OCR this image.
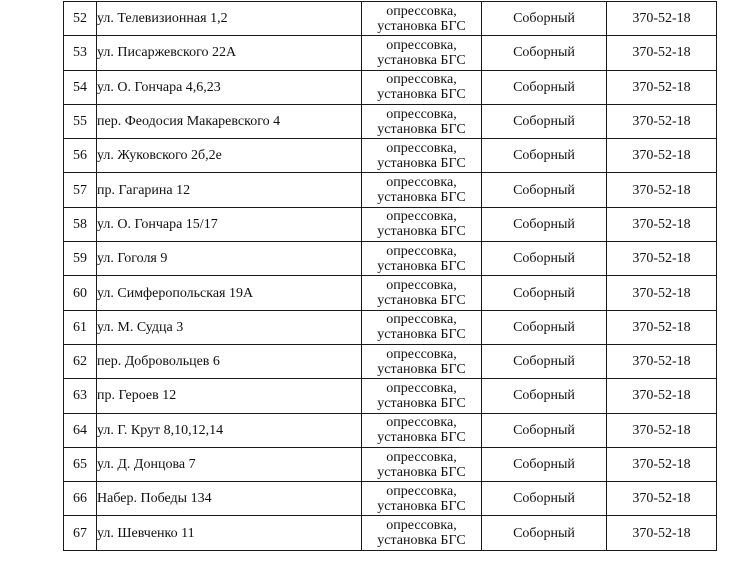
52	ул. Телевизионная 1,2	опрессовка,
установка БГС	Соборный	370-52-18
53	ул. Писаржевского 22А	опрессовка,
установка БГС	Соборный	370-52-18
54	ул. О. Гончара 4,6,23	опрессовка,
установка БГС	Соборный	370-52-18
55	пер. Феодосия Макаревского 4	опрессовка,
установка БГС	Соборный	370-52-18
56	ул. Жуковского 2б,2е	опрессовка,
установка БГС	Соборный	370-52-18
57	пр. Гагарина 12	опрессовка,
установка БГС	Соборный	370-52-18
58	ул. О. Гончара 15/17	опрессовка,
установка БГС	Соборный	370-52-18
59	ул. Гоголя 9	опрессовка,
установка БГС	Соборный	370-52-18
60	ул. Симферопольская 19А	опрессовка,
установка БГС	Соборный	370-52-18
61	ул. М. Судца 3	опрессовка,
установка БГС	Соборный	370-52-18
62	пер. Добровольцев 6	опрессовка,
установка БГС	Соборный	370-52-18
63	пр. Героев 12	опрессовка,
установка БГС	Соборный	370-52-18
64	ул. Г. Крут 8,10,12,14	опрессовка,
установка БГС	Соборный	370-52-18
65	ул. Д. Донцова 7	опрессовка,
установка БГС	Соборный	370-52-18
66	Набер. Победы 134	опрессовка,
установка БГС	Соборный	370-52-18
67	ул. Шевченко 11	опрессовка,
установка БГС	Соборный	370-52-18
